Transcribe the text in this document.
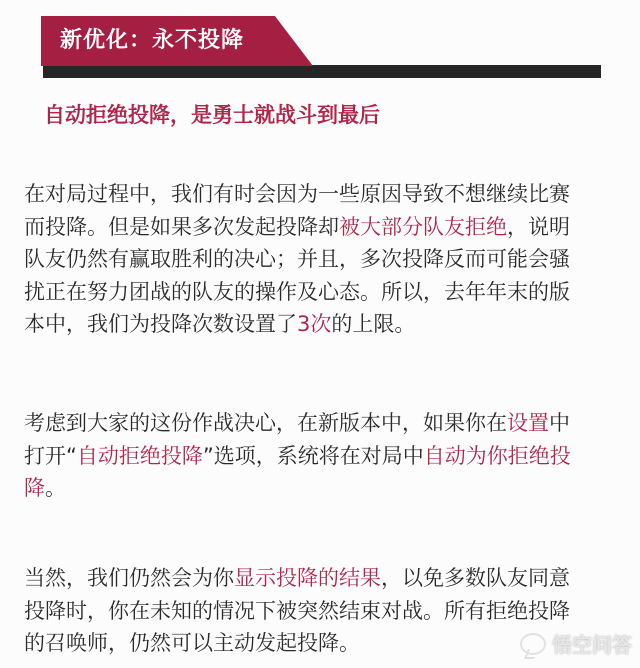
新优化：永不投降
自动拒绝投降，是勇士就战斗到最后

在对局过程中，我们有时会因为一些原因导致不想继续比赛
而投降。但是如果多次发起投降却被大部分队友拒绝，说明
队友仍然有赢取胜利的决心；并且，多次投降反而可能会骚
扰正在努力团战的队友的操作及心态。所以，去年年末的版
本中，我们为投降次数设置了3次的上限。

考虑到大家的这份作战决心，在新版本中，如果你在设置中
打开“自动拒绝投降”选项，系统将在对局中自动为你拒绝投
降。

当然，我们仍然会为你显示投降的结果，以免多数队友同意
投降时，你在未知的情况下被突然结束对战。所有拒绝投降
的召唤师，仍然可以主动发起投降。	悟空问答
